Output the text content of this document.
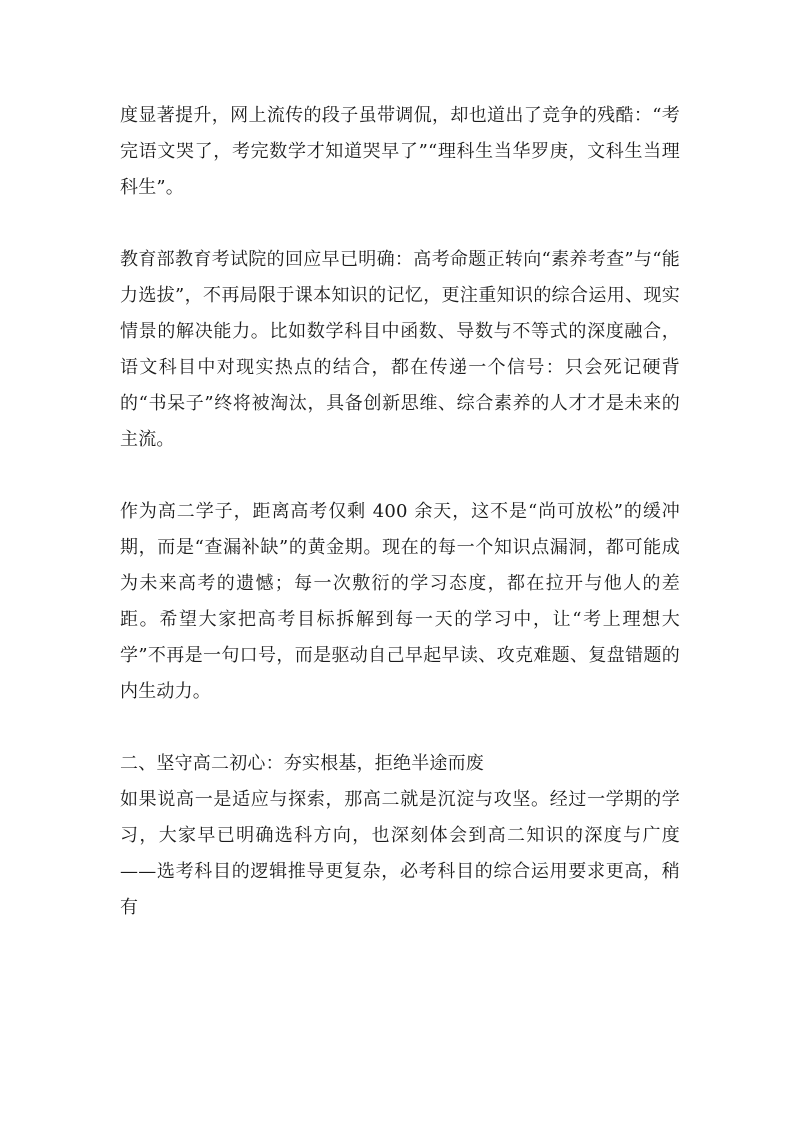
度显著提升，网上流传的段子虽带调侃，却也道出了竞争的残酷：“考完语文哭了，考完数学才知道哭早了”“理科生当华罗庚，文科生当理科生”。

教育部教育考试院的回应早已明确：高考命题正转向“素养考查”与“能力选拔”，不再局限于课本知识的记忆，更注重知识的综合运用、现实情景的解决能力。比如数学科目中函数、导数与不等式的深度融合，语文科目中对现实热点的结合，都在传递一个信号：只会死记硬背的“书呆子”终将被淘汰，具备创新思维、综合素养的人才才是未来的主流。

作为高二学子，距离高考仅剩 400 余天，这不是“尚可放松”的缓冲期，而是“查漏补缺”的黄金期。现在的每一个知识点漏洞，都可能成为未来高考的遗憾；每一次敷衍的学习态度，都在拉开与他人的差距。希望大家把高考目标拆解到每一天的学习中，让“考上理想大学”不再是一句口号，而是驱动自己早起早读、攻克难题、复盘错题的内生动力。

二、坚守高二初心：夯实根基，拒绝半途而废

如果说高一是适应与探索，那高二就是沉淀与攻坚。经过一学期的学习，大家早已明确选科方向，也深刻体会到高二知识的深度与广度——选考科目的逻辑推导更复杂，必考科目的综合运用要求更高，稍有
